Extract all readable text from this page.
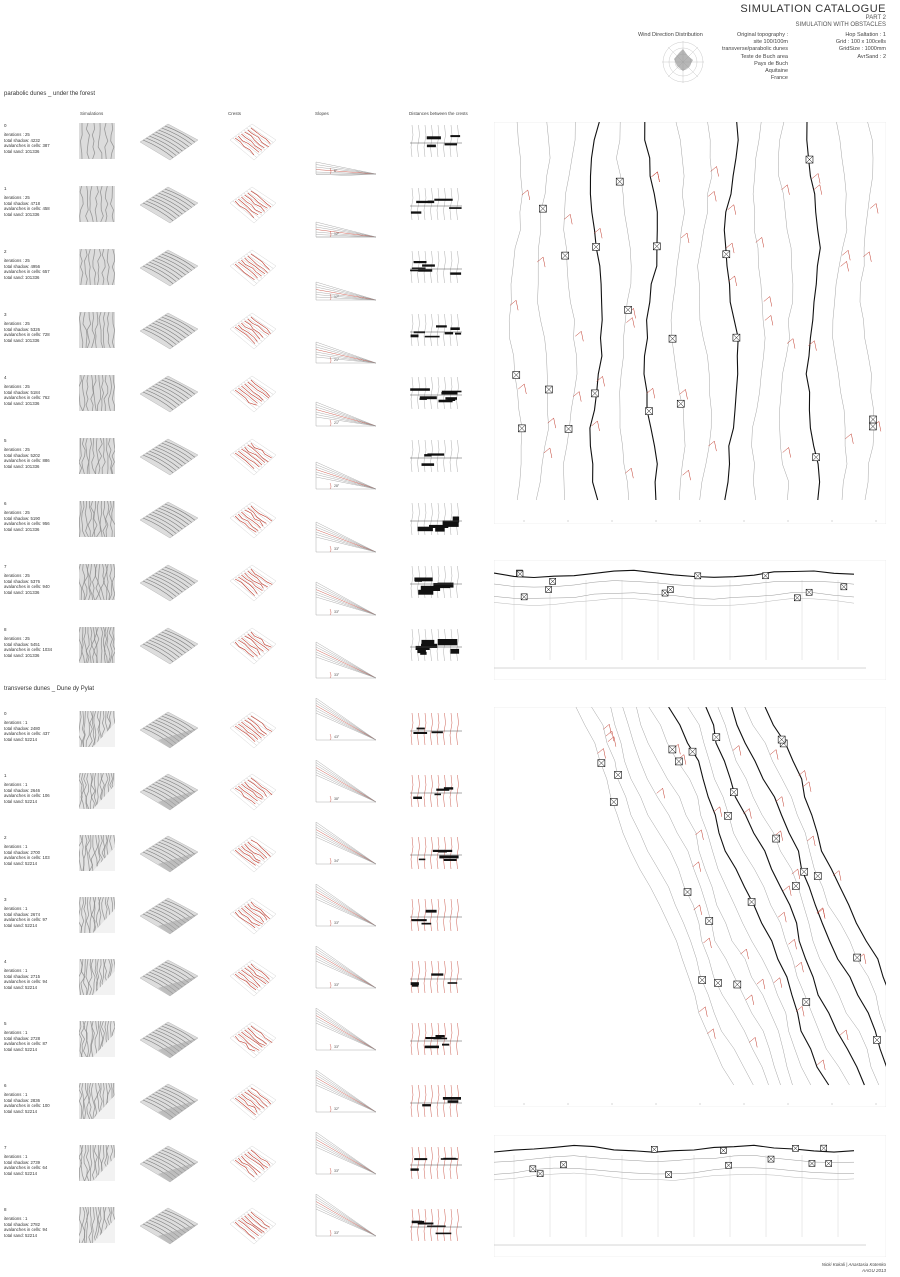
SIMULATION CATALOGUE
PART 2
SIMULATION WITH OBSTACLES
Wind Direction Distribution	Original topography :
site 100/100m
transverse/parabolic dunes
Teste de Buch area
Pays de Buch
Aquitaine
France
Hop Saltation : 1
Grid : 100 x 100cells
GridSize : 1000mm
AvrSand : 2
parabolic dunes _ under the forest
transverse dunes _ Dune dy Pylat
Simulations	Crests	Slopes	Distances between the crests
0
iterations : 25
total shadow: 4232
avalanches in cells: 387
total sand: 101336
6°
1
iterations : 25
total shadow: 4718
avalanches in cells: 458
total sand: 101336
12°
2
iterations : 25
total shadow: 4956
avalanches in cells: 657
total sand: 101336
17°
3
iterations : 25
total shadow: 5326
avalanches in cells: 728
total sand: 101336
21°
4
iterations : 25
total shadow: 5184
avalanches in cells: 762
total sand: 101336
21°
5
iterations : 25
total shadow: 5202
avalanches in cells: 886
total sand: 101336
28°
6
iterations : 25
total shadow: 5190
avalanches in cells: 956
total sand: 101336
33°
7
iterations : 25
total shadow: 5376
avalanches in cells: 940
total sand: 101336
33°
8
iterations : 25
total shadow: 5451
avalanches in cells: 1034
total sand: 101336
33°
0
iterations : 1
total shadow: 2480
avalanches in cells: 437
total sand: 52214	43°
1
iterations : 1
total shadow: 2646
avalanches in cells: 106
total sand: 52214	38°
2
iterations : 1
total shadow: 2700
avalanches in cells: 103
total sand: 52214	34°
3
iterations : 1
total shadow: 2674
avalanches in cells: 97
total sand: 52214	33°
4
iterations : 1
total shadow: 2715
avalanches in cells: 94
total sand: 52214	33°
5
iterations : 1
total shadow: 2728
avalanches in cells: 87
total sand: 52214	33°
6
iterations : 1
total shadow: 2836
avalanches in cells: 100
total sand: 52214	32°
7
iterations : 1
total shadow: 2739
avalanches in cells: 64
total sand: 52214	33°
8
iterations : 1
total shadow: 2782
avalanches in cells: 94
total sand: 52214	33°
Nicki Kokali | Anastasia Kotenko
AAGU 2013
